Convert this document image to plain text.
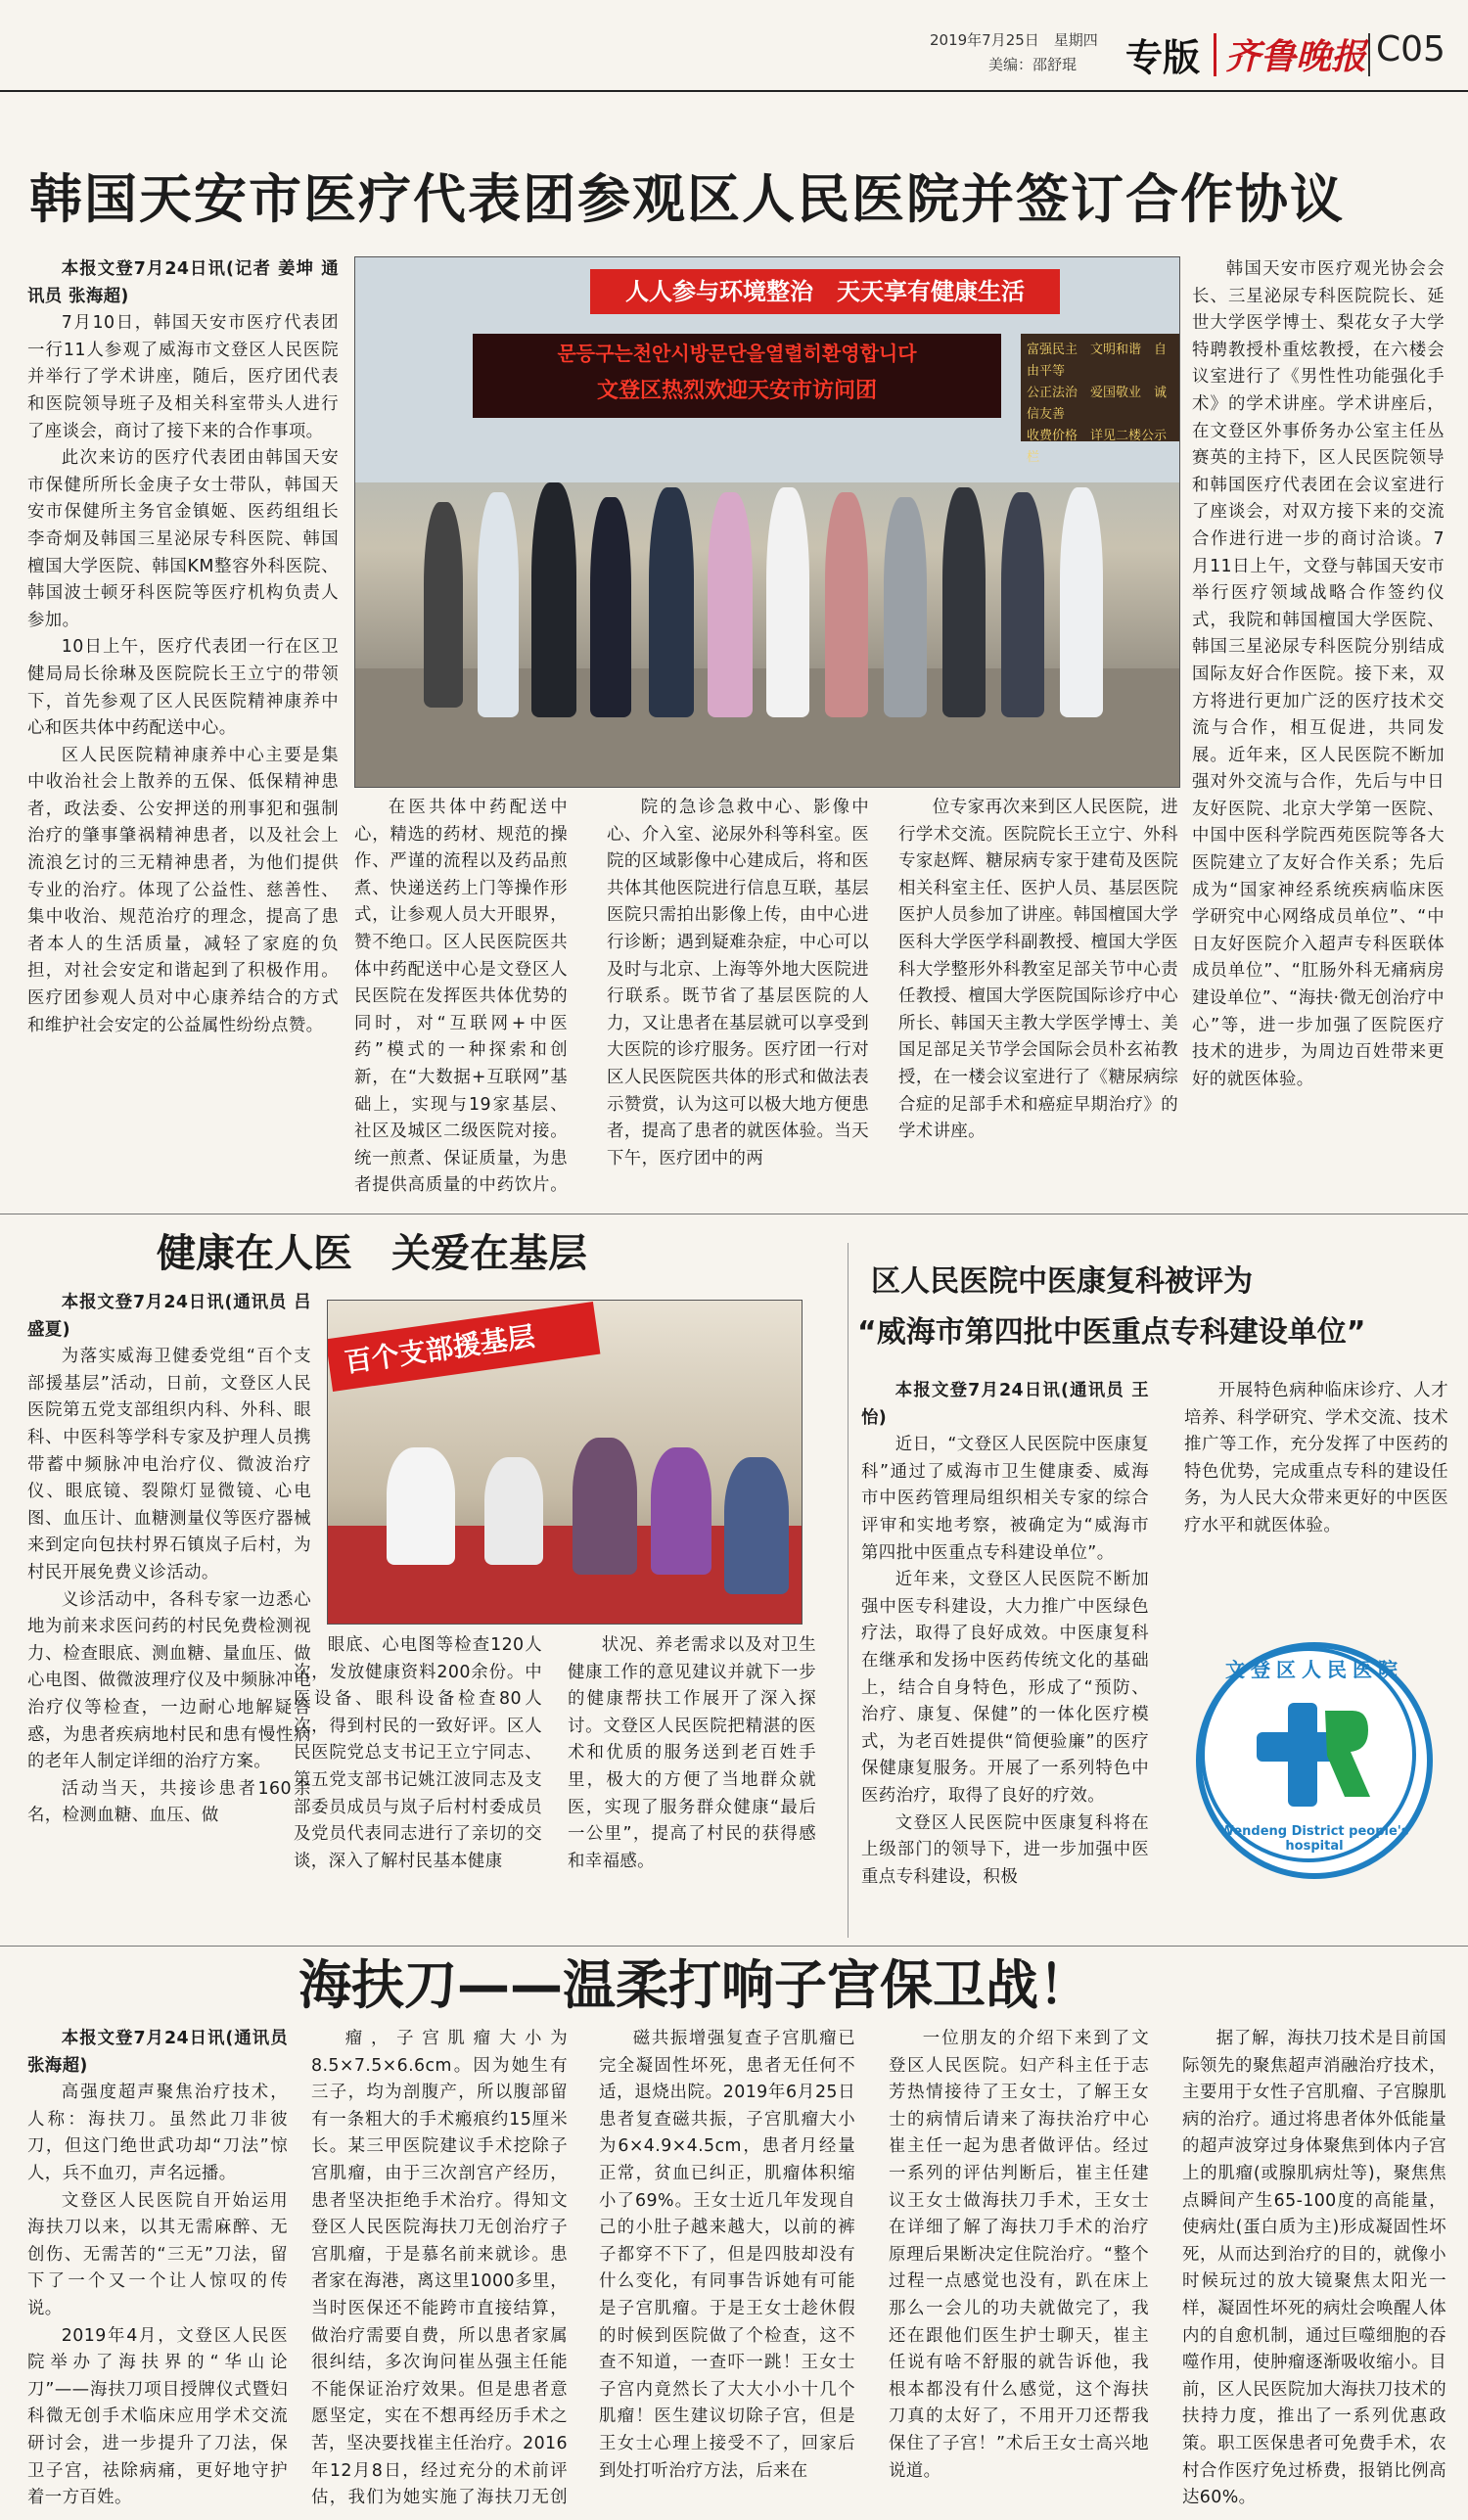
2019年7月25日　星期四
美编：邵舒琨 专版 齐鲁晚报 C05
韩国天安市医疗代表团参观区人民医院并签订合作协议

本报文登7月24日讯(记者 姜坤 通讯员 张海超)

7月10日，韩国天安市医疗代表团一行11人参观了威海市文登区人民医院并举行了学术讲座，随后，医疗团代表和医院领导班子及相关科室带头人进行了座谈会，商讨了接下来的合作事项。

此次来访的医疗代表团由韩国天安市保健所所长金庚子女士带队，韩国天安市保健所主务官金镇姬、医药组组长李奇炯及韩国三星泌尿专科医院、韩国檀国大学医院、韩国KM整容外科医院、韩国波士顿牙科医院等医疗机构负责人参加。

10日上午，医疗代表团一行在区卫健局局长徐琳及医院院长王立宁的带领下，首先参观了区人民医院精神康养中心和医共体中药配送中心。

区人民医院精神康养中心主要是集中收治社会上散养的五保、低保精神患者，政法委、公安押送的刑事犯和强制治疗的肇事肇祸精神患者，以及社会上流浪乞讨的三无精神患者，为他们提供专业的治疗。体现了公益性、慈善性、集中收治、规范治疗的理念，提高了患者本人的生活质量，减轻了家庭的负担，对社会安定和谐起到了积极作用。医疗团参观人员对中心康养结合的方式和维护社会安定的公益属性纷纷点赞。

人人参与环境整治　天天享有健康生活
문등구는천안시방문단을열렬히환영합니다
文登区热烈欢迎天安市访问团
富强民主　文明和谐　自由平等
公正法治　爱国敬业　诚信友善
收费价格　详见二楼公示栏

在医共体中药配送中心，精选的药材、规范的操作、严谨的流程以及药品煎煮、快递送药上门等操作形式，让参观人员大开眼界，赞不绝口。区人民医院医共体中药配送中心是文登区人民医院在发挥医共体优势的同时，对“互联网+中医药”模式的一种探索和创新，在“大数据+互联网”基础上，实现与19家基层、社区及城区二级医院对接。统一煎煮、保证质量，为患者提供高质量的中药饮片。

院的急诊急救中心、影像中心、介入室、泌尿外科等科室。医院的区域影像中心建成后，将和医共体其他医院进行信息互联，基层医院只需拍出影像上传，由中心进行诊断；遇到疑难杂症，中心可以及时与北京、上海等外地大医院进行联系。既节省了基层医院的人力，又让患者在基层就可以享受到大医院的诊疗服务。医疗团一行对区人民医院医共体的形式和做法表示赞赏，认为这可以极大地方便患者，提高了患者的就医体验。当天下午，医疗团中的两

位专家再次来到区人民医院，进行学术交流。医院院长王立宁、外科专家赵辉、糖尿病专家于建荀及医院相关科室主任、医护人员、基层医院医护人员参加了讲座。韩国檀国大学医科大学医学科副教授、檀国大学医科大学整形外科教室足部关节中心责任教授、檀国大学医院国际诊疗中心所长、韩国天主教大学医学博士、美国足部足关节学会国际会员朴玄祐教授，在一楼会议室进行了《糖尿病综合症的足部手术和癌症早期治疗》的学术讲座。

韩国天安市医疗观光协会会长、三星泌尿专科医院院长、延世大学医学博士、梨花女子大学特聘教授朴重炫教授，在六楼会议室进行了《男性性功能强化手术》的学术讲座。学术讲座后，在文登区外事侨务办公室主任丛赛英的主持下，区人民医院领导和韩国医疗代表团在会议室进行了座谈会，对双方接下来的交流合作进行进一步的商讨洽谈。7月11日上午，文登与韩国天安市举行医疗领域战略合作签约仪式，我院和韩国檀国大学医院、韩国三星泌尿专科医院分别结成国际友好合作医院。接下来，双方将进行更加广泛的医疗技术交流与合作，相互促进，共同发展。近年来，区人民医院不断加强对外交流与合作，先后与中日友好医院、北京大学第一医院、中国中医科学院西苑医院等各大医院建立了友好合作关系；先后成为“国家神经系统疾病临床医学研究中心网络成员单位”、“中日友好医院介入超声专科医联体成员单位”、“肛肠外科无痛病房建设单位”、“海扶·微无创治疗中心”等，进一步加强了医院医疗技术的进步，为周边百姓带来更好的就医体验。

健康在人医　关爱在基层

本报文登7月24日讯(通讯员 吕盛夏)

为落实威海卫健委党组“百个支部援基层”活动，日前，文登区人民医院第五党支部组织内科、外科、眼科、中医科等学科专家及护理人员携带蓄中频脉冲电治疗仪、微波治疗仪、眼底镜、裂隙灯显微镜、心电图、血压计、血糖测量仪等医疗器械来到定向包扶村界石镇岚子后村，为村民开展免费义诊活动。

义诊活动中，各科专家一边悉心地为前来求医问药的村民免费检测视力、检查眼底、测血糖、量血压、做心电图、做微波理疗仪及中频脉冲电治疗仪等检查，一边耐心地解疑答惑，为患者疾病地村民和患有慢性病的老年人制定详细的治疗方案。

活动当天，共接诊患者160余名，检测血糖、血压、做

百个支部援基层

眼底、心电图等检查120人次，发放健康资料200余份。中医设备、眼科设备检查80人次，得到村民的一致好评。区人民医院党总支书记王立宁同志、第五党支部书记姚江波同志及支部委员成员与岚子后村村委成员及党员代表同志进行了亲切的交谈，深入了解村民基本健康

状况、养老需求以及对卫生健康工作的意见建议并就下一步的健康帮扶工作展开了深入探讨。文登区人民医院把精湛的医术和优质的服务送到老百姓手里，极大的方便了当地群众就医，实现了服务群众健康“最后一公里”，提高了村民的获得感和幸福感。

区人民医院中医康复科被评为
“威海市第四批中医重点专科建设单位”

本报文登7月24日讯(通讯员 王怡)

近日，“文登区人民医院中医康复科”通过了威海市卫生健康委、威海市中医药管理局组织相关专家的综合评审和实地考察，被确定为“威海市第四批中医重点专科建设单位”。

近年来，文登区人民医院不断加强中医专科建设，大力推广中医绿色疗法，取得了良好成效。中医康复科在继承和发扬中医药传统文化的基础上，结合自身特色，形成了“预防、治疗、康复、保健”的一体化医疗模式，为老百姓提供“简便验廉”的医疗保健康复服务。开展了一系列特色中医药治疗，取得了良好的疗效。

文登区人民医院中医康复科将在上级部门的领导下，进一步加强中医重点专科建设，积极

开展特色病种临床诊疗、人才培养、科学研究、学术交流、技术推广等工作，充分发挥了中医药的特色优势，完成重点专科的建设任务，为人民大众带来更好的中医医疗水平和就医体验。

文登区人民医院
Wendeng District people's hospital
海扶刀——温柔打响子宫保卫战！

本报文登7月24日讯(通讯员 张海超)

高强度超声聚焦治疗技术，人称：海扶刀。虽然此刀非彼刀，但这门绝世武功却“刀法”惊人，兵不血刃，声名远播。

文登区人民医院自开始运用海扶刀以来，以其无需麻醉、无创伤、无需苦的“三无”刀法，留下了一个又一个让人惊叹的传说。

2019年4月，文登区人民医院举办了海扶界的“华山论刀”——海扶刀项目授牌仪式暨妇科微无创手术临床应用学术交流研讨会，进一步提升了刀法，保卫子宫，祛除病痛，更好地守护着一方百姓。

瘤，子宫肌瘤大小为8.5×7.5×6.6cm。因为她生有三子，均为剖腹产，所以腹部留有一条粗大的手术瘢痕约15厘米长。某三甲医院建议手术挖除子宫肌瘤，由于三次剖宫产经历，患者坚决拒绝手术治疗。得知文登区人民医院海扶刀无创治疗子宫肌瘤，于是慕名前来就诊。患者家在海港，离这里1000多里，当时医保还不能跨市直接结算，做治疗需要自费，所以患者家属很纠结，多次询问崔丛强主任能不能保证治疗效果。但是患者意愿坚定，实在不想再经历手术之苦，坚决要找崔主任治疗。2016年12月8日，经过充分的术前评估，我们为她实施了海扶刀无创

磁共振增强复查子宫肌瘤已完全凝固性坏死，患者无任何不适，退烧出院。2019年6月25日患者复查磁共振，子宫肌瘤大小为6×4.9×4.5cm，患者月经量正常，贫血已纠正，肌瘤体积缩小了69%。王女士近几年发现自己的小肚子越来越大，以前的裤子都穿不下了，但是四肢却没有什么变化，有同事告诉她有可能是子宫肌瘤。于是王女士趁休假的时候到医院做了个检查，这不查不知道，一查吓一跳！王女士子宫内竟然长了大大小小十几个肌瘤！医生建议切除子宫，但是王女士心理上接受不了，回家后到处打听治疗方法，后来在

一位朋友的介绍下来到了文登区人民医院。妇产科主任于志芳热情接待了王女士，了解王女士的病情后请来了海扶治疗中心崔主任一起为患者做评估。经过一系列的评估判断后，崔主任建议王女士做海扶刀手术，王女士在详细了解了海扶刀手术的治疗原理后果断决定住院治疗。“整个过程一点感觉也没有，趴在床上那么一会儿的功夫就做完了，我还在跟他们医生护士聊天，崔主任说有啥不舒服的就告诉他，我根本都没有什么感觉，这个海扶刀真的太好了，不用开刀还帮我保住了子宫！”术后王女士高兴地说道。

据了解，海扶刀技术是目前国际领先的聚焦超声消融治疗技术，主要用于女性子宫肌瘤、子宫腺肌病的治疗。通过将患者体外低能量的超声波穿过身体聚焦到体内子宫上的肌瘤(或腺肌病灶等)，聚焦焦点瞬间产生65-100度的高能量，使病灶(蛋白质为主)形成凝固性坏死，从而达到治疗的目的，就像小时候玩过的放大镜聚焦太阳光一样，凝固性坏死的病灶会唤醒人体内的自愈机制，通过巨噬细胞的吞噬作用，使肿瘤逐渐吸收缩小。目前，区人民医院加大海扶刀技术的扶持力度，推出了一系列优惠政策。职工医保患者可免费手术，农村合作医疗免过桥费，报销比例高达60%。
